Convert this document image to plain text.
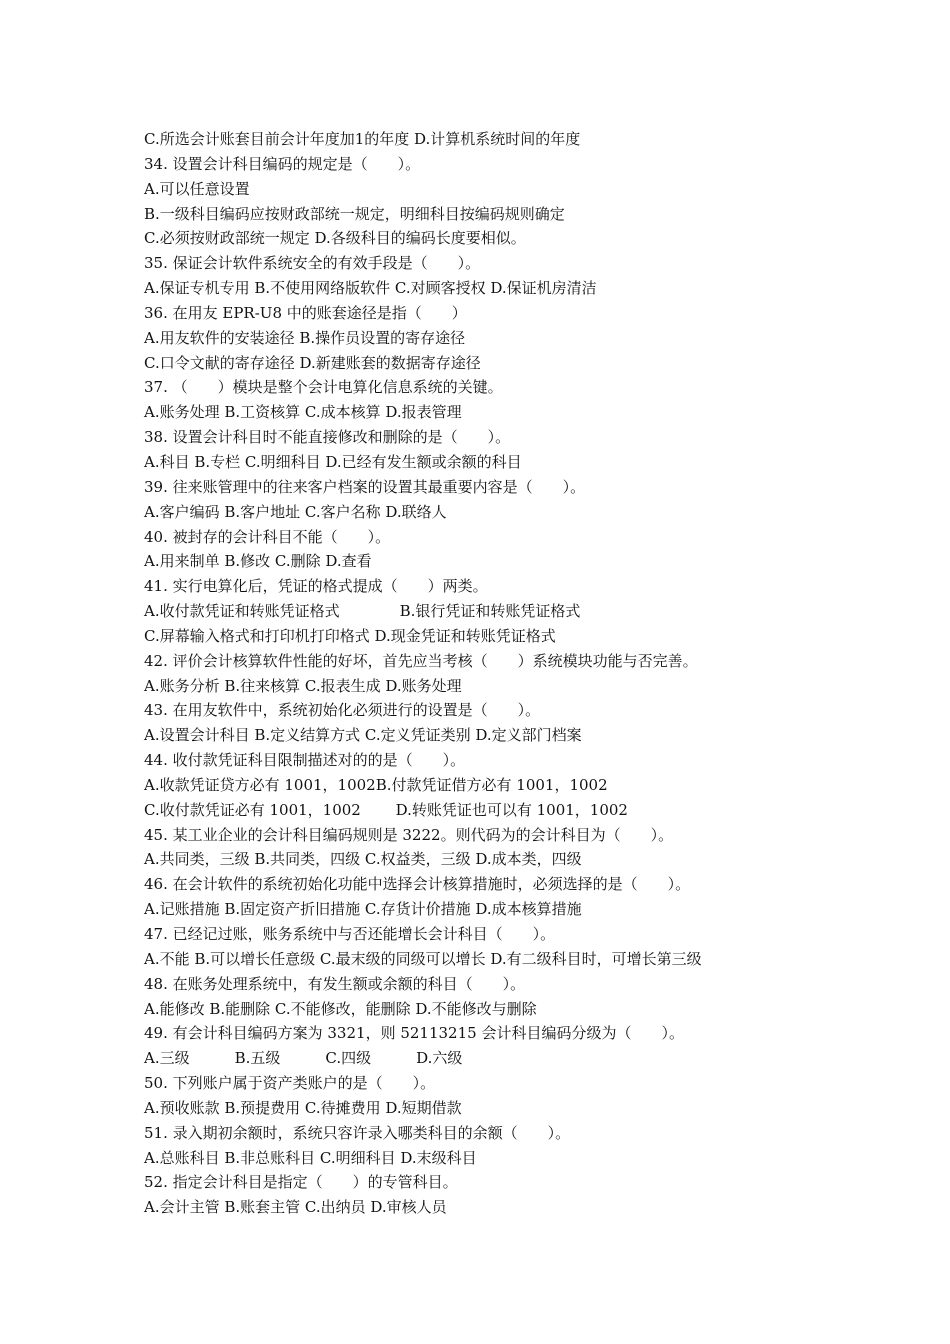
C.所选会计账套目前会计年度加1的年度 D.计算机系统时间的年度
34. 设置会计科目编码的规定是（　　）。
A.可以任意设置
B.一级科目编码应按财政部统一规定，明细科目按编码规则确定
C.必须按财政部统一规定 D.各级科目的编码长度要相似。
35. 保证会计软件系统安全的有效手段是（　　）。
A.保证专机专用 B.不使用网络版软件 C.对顾客授权 D.保证机房清洁
36. 在用友 EPR-U8 中的账套途径是指（　　）
A.用友软件的安装途径 B.操作员设置的寄存途径
C.口令文献的寄存途径 D.新建账套的数据寄存途径
37. （　　）模块是整个会计电算化信息系统的关键。
A.账务处理 B.工资核算 C.成本核算 D.报表管理
38. 设置会计科目时不能直接修改和删除的是（　　）。
A.科目 B.专栏 C.明细科目 D.已经有发生额或余额的科目
39. 往来账管理中的往来客户档案的设置其最重要内容是（　　）。
A.客户编码 B.客户地址 C.客户名称 D.联络人
40. 被封存的会计科目不能（　　）。
A.用来制单 B.修改 C.删除 D.查看
41. 实行电算化后，凭证的格式提成（　　）两类。
A.收付款凭证和转账凭证格式　　　　B.银行凭证和转账凭证格式
C.屏幕输入格式和打印机打印格式 D.现金凭证和转账凭证格式
42. 评价会计核算软件性能的好坏，首先应当考核（　　）系统模块功能与否完善。
A.账务分析 B.往来核算 C.报表生成 D.账务处理
43. 在用友软件中，系统初始化必须进行的设置是（　　）。
A.设置会计科目 B.定义结算方式 C.定义凭证类别 D.定义部门档案
44. 收付款凭证科目限制描述对的的是（　　）。
A.收款凭证贷方必有 1001，1002B.付款凭证借方必有 1001，1002
C.收付款凭证必有 1001，1002　　 D.转账凭证也可以有 1001，1002
45. 某工业企业的会计科目编码规则是 3222。则代码为的会计科目为（　　）。
A.共同类，三级 B.共同类，四级 C.权益类，三级 D.成本类，四级
46. 在会计软件的系统初始化功能中选择会计核算措施时，必须选择的是（　　）。
A.记账措施 B.固定资产折旧措施 C.存货计价措施 D.成本核算措施
47. 已经记过账，账务系统中与否还能增长会计科目（　　）。
A.不能 B.可以增长任意级 C.最末级的同级可以增长 D.有二级科目时，可增长第三级
48. 在账务处理系统中，有发生额或余额的科目（　　）。
A.能修改 B.能删除 C.不能修改，能删除 D.不能修改与删除
49. 有会计科目编码方案为 3321，则 52113215 会计科目编码分级为（　　）。
A.三级　　　B.五级　　　C.四级　　　D.六级
50. 下列账户属于资产类账户的是（　　）。
A.预收账款 B.预提费用 C.待摊费用 D.短期借款
51. 录入期初余额时，系统只容许录入哪类科目的余额（　　）。
A.总账科目 B.非总账科目 C.明细科目 D.末级科目
52. 指定会计科目是指定（　　）的专管科目。
A.会计主管 B.账套主管 C.出纳员 D.审核人员
